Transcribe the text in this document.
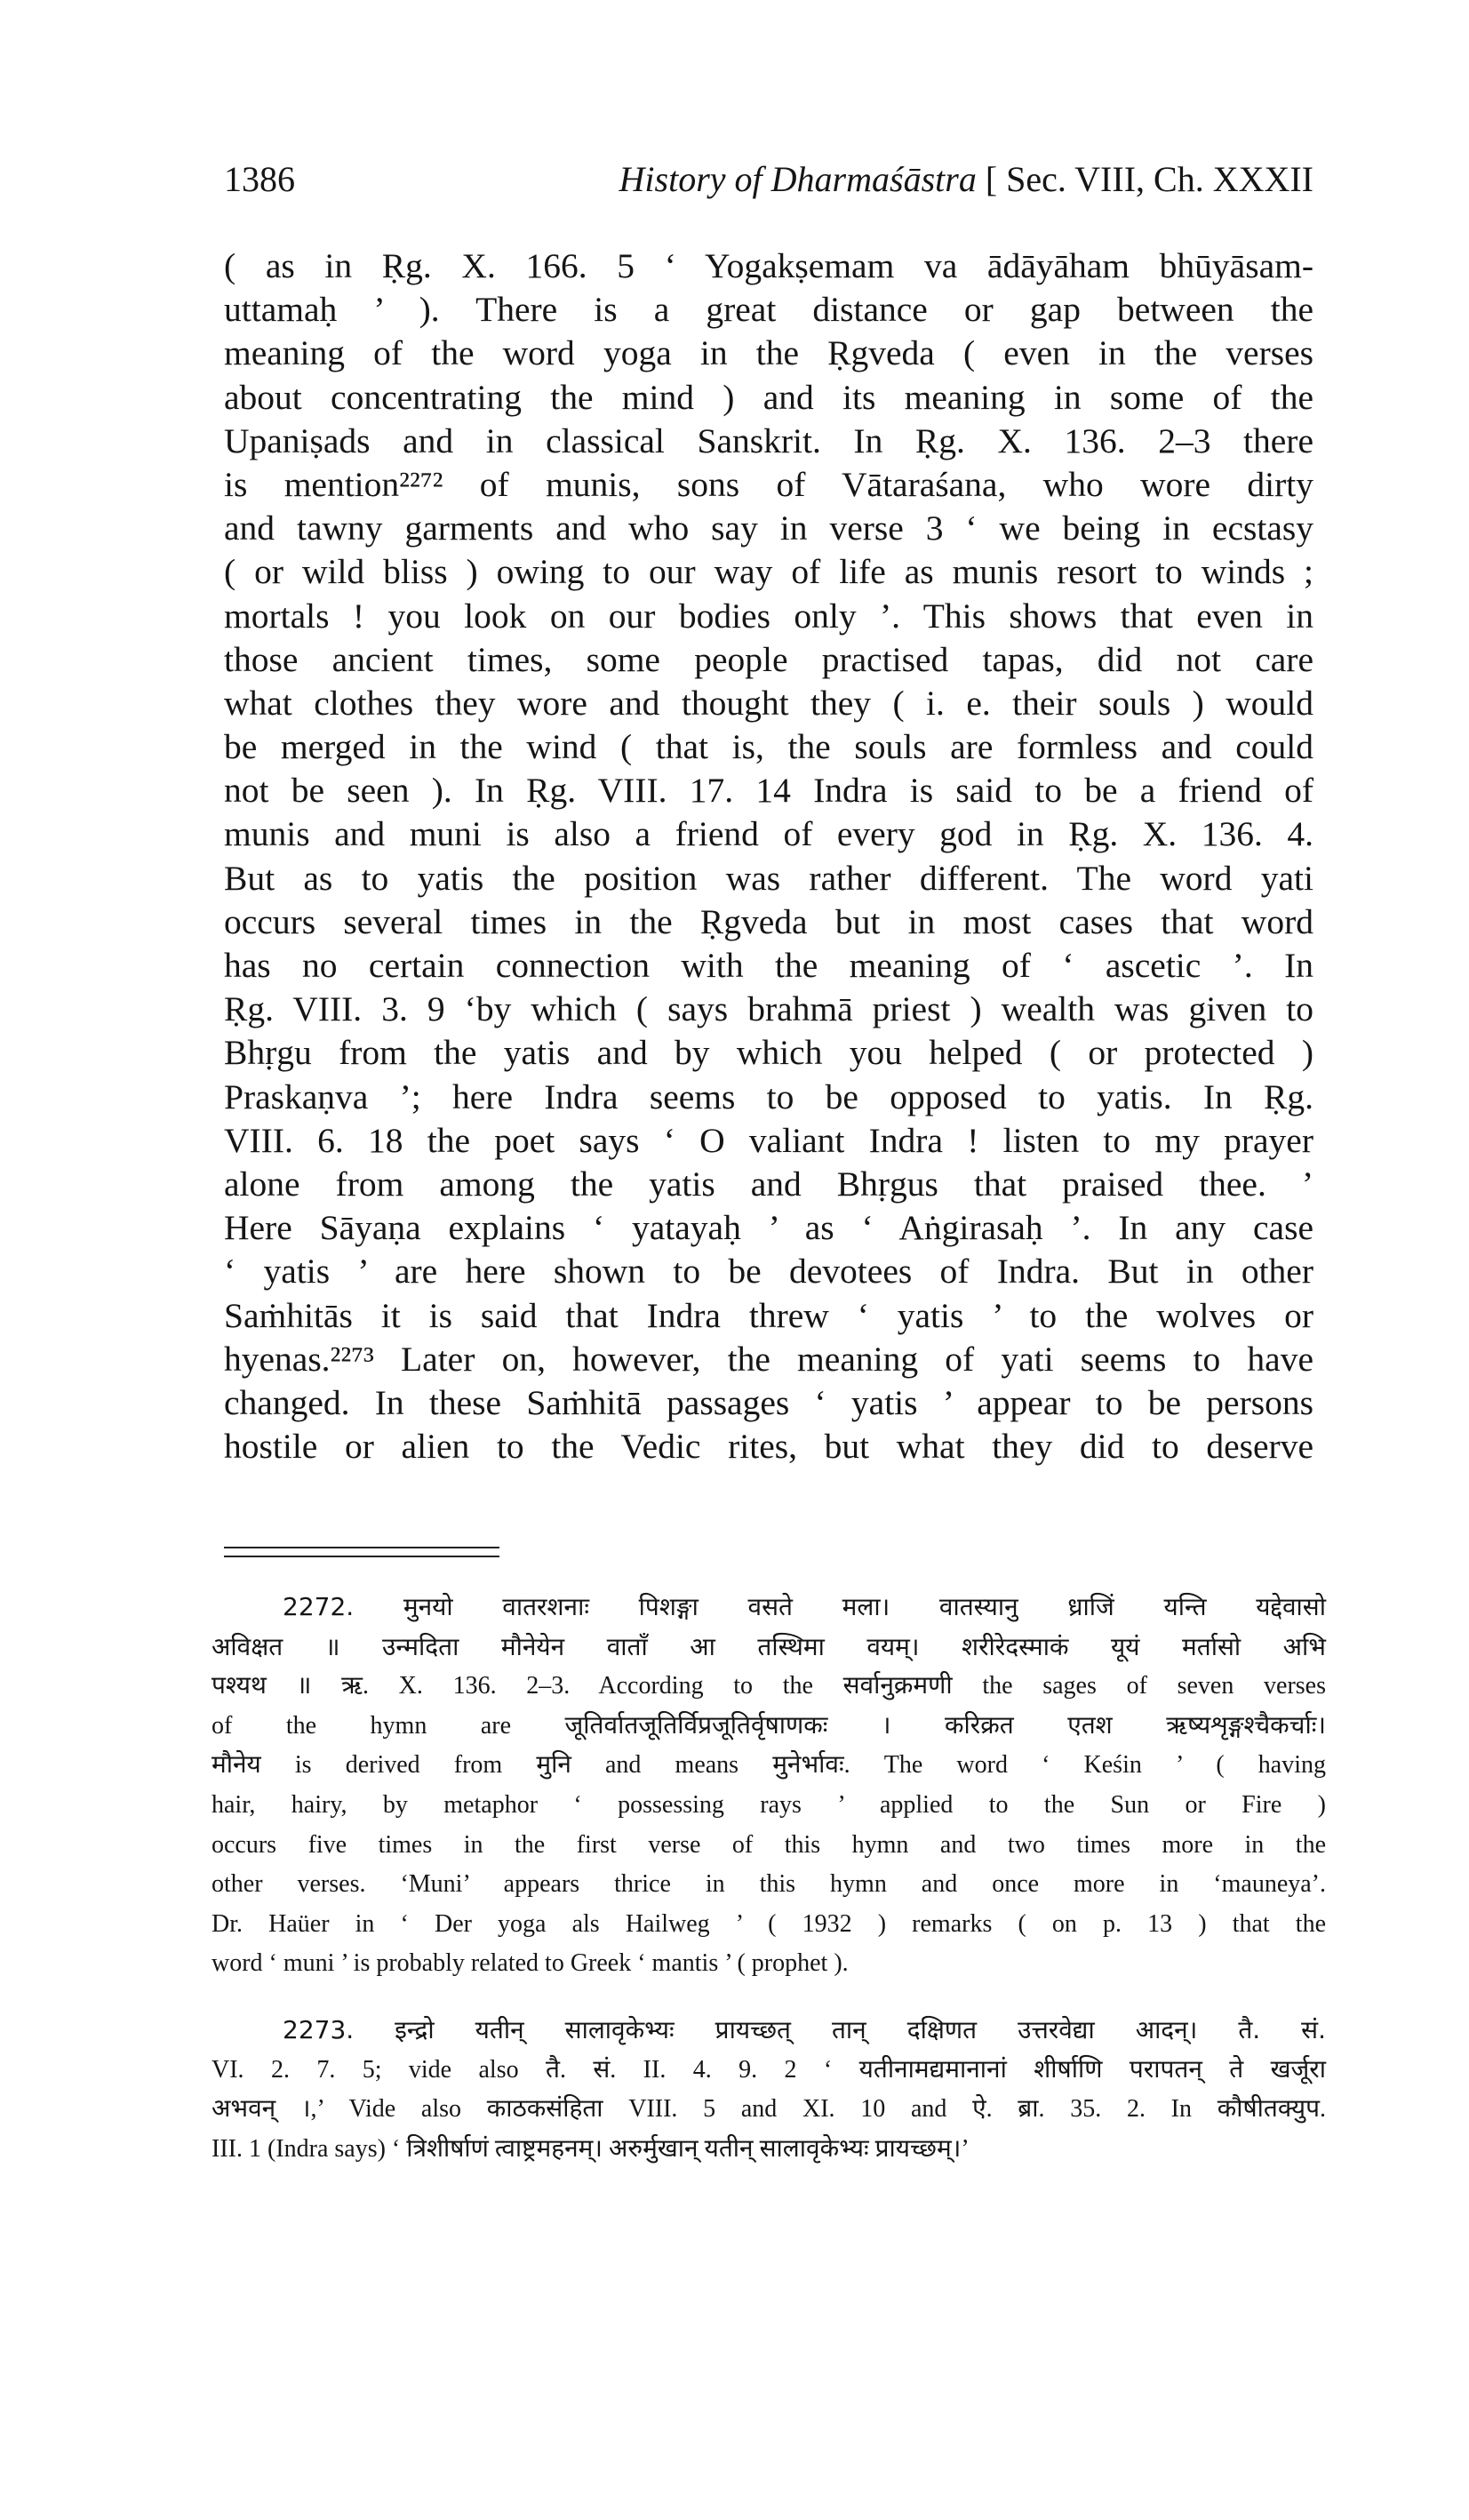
1386	History of Dharmaśāstra [ Sec. VIII, Ch. XXXII
( as in Ṛg. X. 166. 5 ‘ Yogakṣemam va ādāyāham bhūyāsam-
uttamaḥ ’ ). There is a great distance or gap between the
meaning of the word yoga in the Ṛgveda ( even in the verses
about concentrating the mind ) and its meaning in some of the
Upaniṣads and in classical Sanskrit. In Ṛg. X. 136. 2–3 there
is mention²²⁷² of munis, sons of Vātaraśana, who wore dirty
and tawny garments and who say in verse 3 ‘ we being in ecstasy
( or wild bliss ) owing to our way of life as munis resort to winds ;
mortals ! you look on our bodies only ’. This shows that even in
those ancient times, some people practised tapas, did not care
what clothes they wore and thought they ( i. e. their souls ) would
be merged in the wind ( that is, the souls are formless and could
not be seen ). In Ṛg. VIII. 17. 14 Indra is said to be a friend of
munis and muni is also a friend of every god in Ṛg. X. 136. 4.
But as to yatis the position was rather different. The word yati
occurs several times in the Ṛgveda but in most cases that word
has no certain connection with the meaning of ‘ ascetic ’. In
Ṛg. VIII. 3. 9 ‘by which ( says brahmā priest ) wealth was given to
Bhṛgu from the yatis and by which you helped ( or protected )
Praskaṇva ’; here Indra seems to be opposed to yatis. In Ṛg.
VIII. 6. 18 the poet says ‘ O valiant Indra ! listen to my prayer
alone from among the yatis and Bhṛgus that praised thee. ’
Here Sāyaṇa explains ‘ yatayaḥ ’ as ‘ Aṅgirasaḥ ’. In any case
‘ yatis ’ are here shown to be devotees of Indra. But in other
Saṁhitās it is said that Indra threw ‘ yatis ’ to the wolves or
hyenas.²²⁷³ Later on, however, the meaning of yati seems to have
changed. In these Saṁhitā passages ‘ yatis ’ appear to be persons
hostile or alien to the Vedic rites, but what they did to deserve
2272. मुनयो वातरशनाः पिशङ्गा वसते मला। वातस्यानु ध्राजिं यन्ति यद्देवासो
अविक्षत ॥ उन्मदिता मौनेयेन वाताँ आ तस्थिमा वयम्। शरीरेदस्माकं यूयं मर्तासो अभि
पश्यथ ॥ ऋ. X. 136. 2–3. According to the सर्वानुक्रमणी the sages of seven verses
of the hymn are जूतिर्वातजूतिर्विप्रजूतिर्वृषाणकः । करिक्रत एतश ऋष्यशृङ्गश्चैकर्चाः।
मौनेय is derived from मुनि and means मुनेर्भावः. The word ‘ Keśin ’ ( having
hair, hairy, by metaphor ‘ possessing rays ’ applied to the Sun or Fire )
occurs five times in the first verse of this hymn and two times more in the
other verses. ‘Muni’ appears thrice in this hymn and once more in ‘mauneya’.
Dr. Haüer in ‘ Der yoga als Hailweg ’ ( 1932 ) remarks ( on p. 13 ) that the
word ‘ muni ’ is probably related to Greek ‘ mantis ’ ( prophet ).
2273. इन्द्रो यतीन् सालावृकेभ्यः प्रायच्छत् तान् दक्षिणत उत्तरवेद्या आदन्। तै. सं.
VI. 2. 7. 5; vide also तै. सं. II. 4. 9. 2 ‘ यतीनामद्यमानानां शीर्षाणि परापतन् ते खर्जूरा
अभवन् ।,’ Vide also काठकसंहिता VIII. 5 and XI. 10 and ऐ. ब्रा. 35. 2. In कौषीतक्युप.
III. 1 (Indra says) ‘ त्रिशीर्षाणं त्वाष्ट्रमहनम्। अरुर्मुखान् यतीन् सालावृकेभ्यः प्रायच्छम्।’
